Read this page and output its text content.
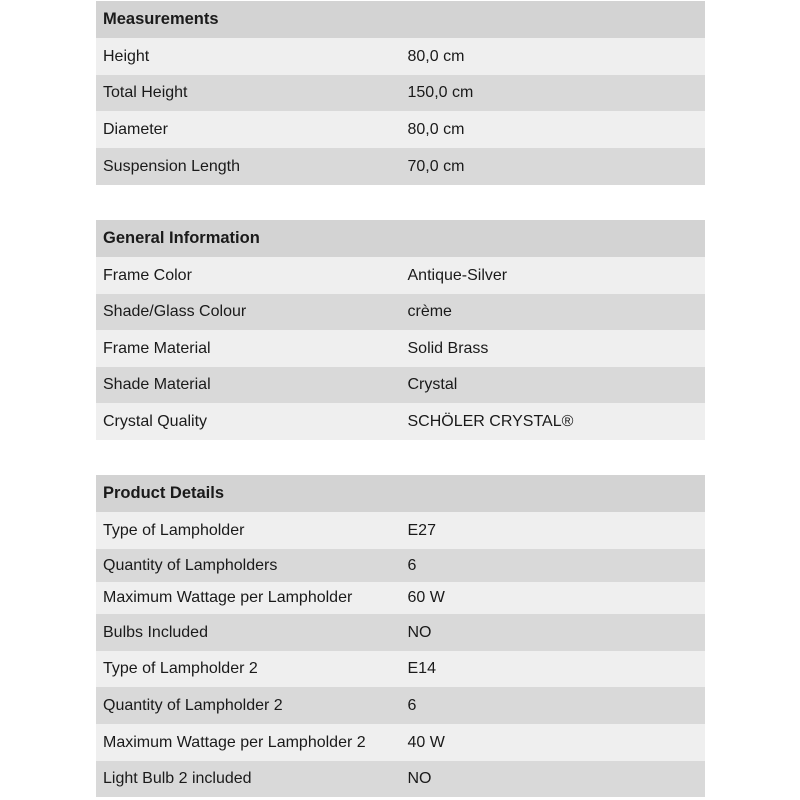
Measurements	
Height	80,0 cm
Total Height	150,0 cm
Diameter	80,0 cm
Suspension Length	70,0 cm
General Information	
Frame Color	Antique-Silver
Shade/Glass Colour	crème
Frame Material	Solid Brass
Shade Material	Crystal
Crystal Quality	SCHÖLER CRYSTAL®
Product Details	
Type of Lampholder	E27
Quantity of Lampholders	6
Maximum Wattage per Lampholder	60 W
Bulbs Included	NO
Type of Lampholder 2	E14
Quantity of Lampholder 2	6
Maximum Wattage per Lampholder 2	40 W
Light Bulb 2 included	NO
